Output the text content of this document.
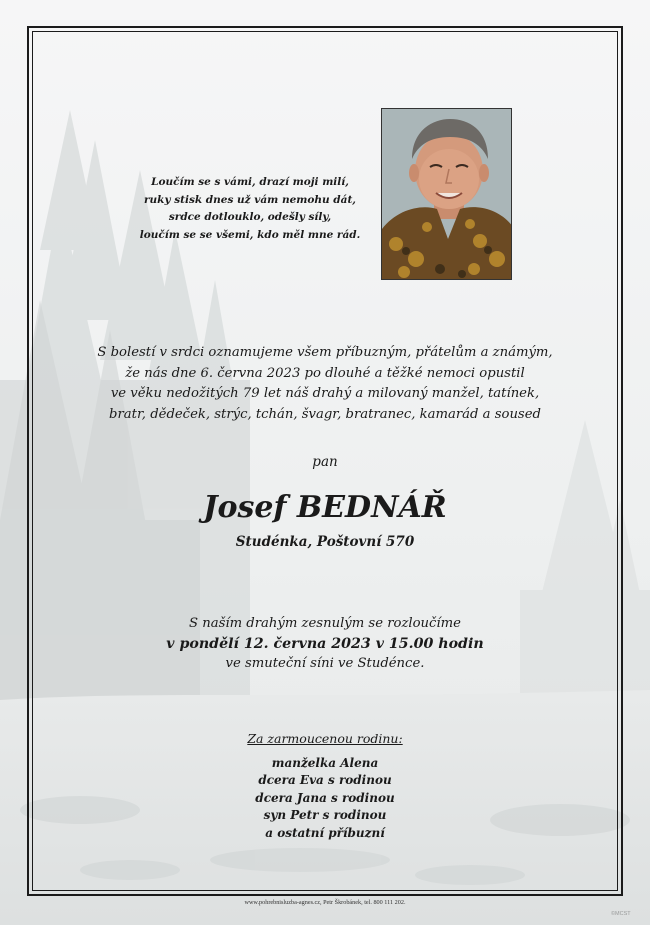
Loučím se s vámi, drazí moji milí,
ruky stisk dnes už vám nemohu dát,
srdce dotlouklo, odešly síly,
loučím se se všemi, kdo měl mne rád.
S bolestí v srdci oznamujeme všem příbuzným, přátelům a známým,
že nás dne 6. června 2023 po dlouhé a těžké nemoci opustil
ve věku nedožitých 79 let náš drahý a milovaný manžel, tatínek,
bratr, dědeček, strýc, tchán, švagr, bratranec, kamarád a soused
pan
Josef BEDNÁŘ
Studénka, Poštovní 570
S naším drahým zesnulým se rozloučíme
v pondělí 12. června 2023 v 15.00 hodin
ve smuteční síni ve Studénce.
Za zarmoucenou rodinu:
manželka Alena
dcera Eva s rodinou
dcera Jana s rodinou
syn Petr s rodinou
a ostatní příbuzní
www.pohrebnisluzba-agnes.cz, Petr Škrobánek, tel. 800 111 202.
©MCST
